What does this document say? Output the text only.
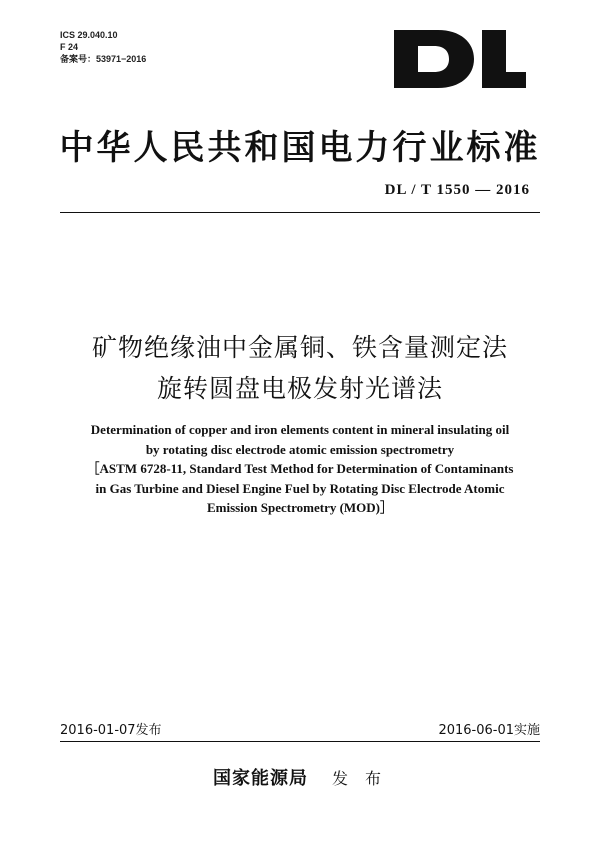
ICS 29.040.10
F 24
备案号：53971−2016
中华人民共和国电力行业标准
DL / T 1550 — 2016
矿物绝缘油中金属铜、铁含量测定法
旋转圆盘电极发射光谱法
Determination of copper and iron elements content in mineral insulating oil
by rotating disc electrode atomic emission spectrometry
［ASTM 6728-11, Standard Test Method for Determination of Contaminants
in Gas Turbine and Diesel Engine Fuel by Rotating Disc Electrode Atomic
Emission Spectrometry (MOD)］
2016-01-07发布	2016-06-01实施
国家能源局 发 布
